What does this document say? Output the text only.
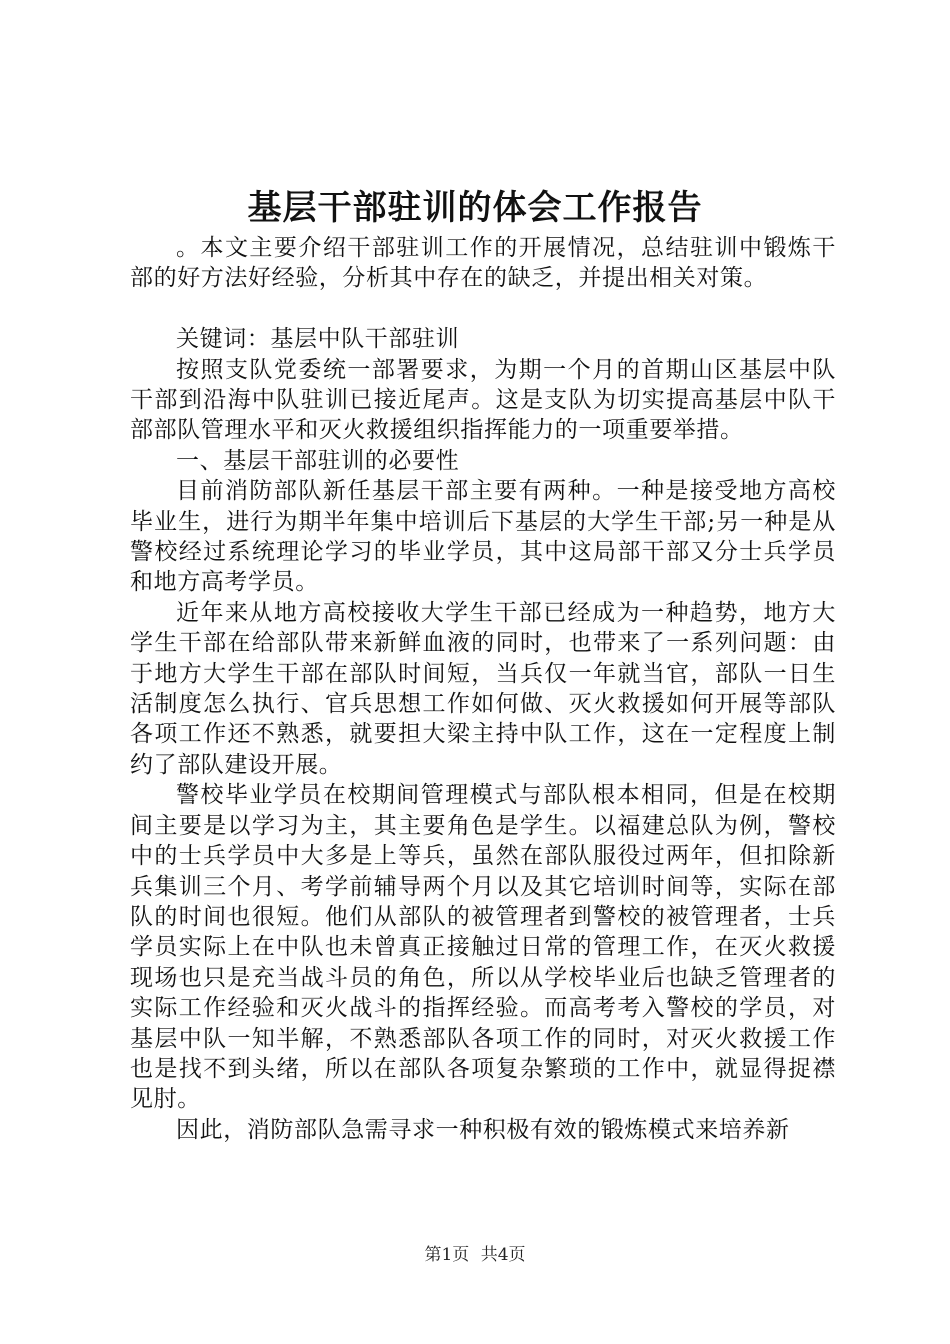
基层干部驻训的体会工作报告

。本文主要介绍干部驻训工作的开展情况，总结驻训中锻炼干部的好方法好经验，分析其中存在的缺乏，并提出相关对策。

关键词：基层中队干部驻训

按照支队党委统一部署要求，为期一个月的首期山区基层中队干部到沿海中队驻训已接近尾声。这是支队为切实提高基层中队干部部队管理水平和灭火救援组织指挥能力的一项重要举措。

一、基层干部驻训的必要性

目前消防部队新任基层干部主要有两种。一种是接受地方高校毕业生，进行为期半年集中培训后下基层的大学生干部;另一种是从警校经过系统理论学习的毕业学员，其中这局部干部又分士兵学员和地方高考学员。

近年来从地方高校接收大学生干部已经成为一种趋势，地方大学生干部在给部队带来新鲜血液的同时，也带来了一系列问题：由于地方大学生干部在部队时间短，当兵仅一年就当官，部队一日生活制度怎么执行、官兵思想工作如何做、灭火救援如何开展等部队各项工作还不熟悉，就要担大梁主持中队工作，这在一定程度上制约了部队建设开展。

警校毕业学员在校期间管理模式与部队根本相同，但是在校期间主要是以学习为主，其主要角色是学生。以福建总队为例，警校中的士兵学员中大多是上等兵，虽然在部队服役过两年，但扣除新兵集训三个月、考学前辅导两个月以及其它培训时间等，实际在部队的时间也很短。他们从部队的被管理者到警校的被管理者，士兵学员实际上在中队也未曾真正接触过日常的管理工作，在灭火救援现场也只是充当战斗员的角色，所以从学校毕业后也缺乏管理者的实际工作经验和灭火战斗的指挥经验。而高考考入警校的学员，对基层中队一知半解，不熟悉部队各项工作的同时，对灭火救援工作也是找不到头绪，所以在部队各项复杂繁琐的工作中，就显得捉襟见肘。

因此，消防部队急需寻求一种积极有效的锻炼模式来培养新

第1页 共4页
